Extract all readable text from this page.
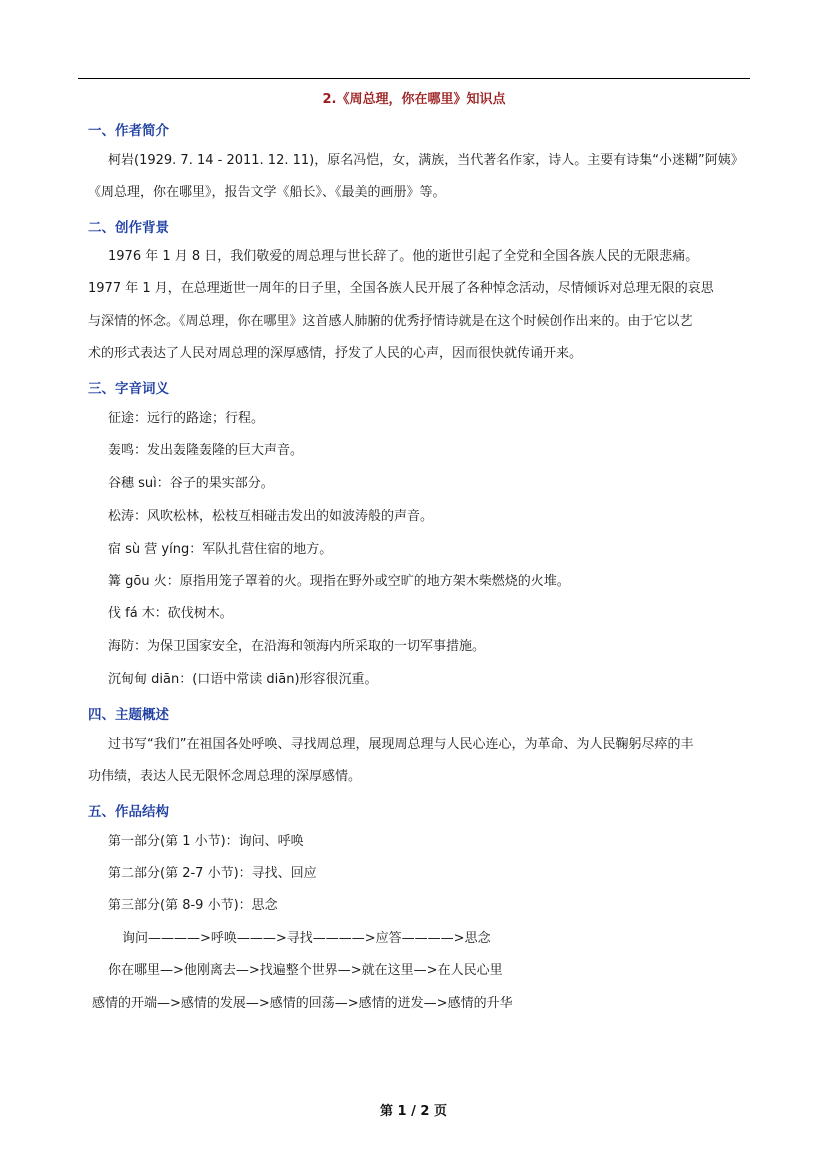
2.《周总理，你在哪里》知识点
一、作者简介
柯岩(1929. 7. 14 - 2011. 12. 11)，原名冯恺，女，满族，当代著名作家，诗人。主要有诗集“小迷糊”阿姨》
《周总理，你在哪里》，报告文学《船长》、《最美的画册》等。
二、创作背景
1976 年 1 月 8 日，我们敬爱的周总理与世长辞了。他的逝世引起了全党和全国各族人民的无限悲痛。
1977 年 1 月，在总理逝世一周年的日子里，全国各族人民开展了各种悼念活动，尽情倾诉对总理无限的哀思
与深情的怀念。《周总理，你在哪里》这首感人肺腑的优秀抒情诗就是在这个时候创作出来的。由于它以艺
术的形式表达了人民对周总理的深厚感情，抒发了人民的心声，因而很快就传诵开来。
三、字音词义
征途：远行的路途；行程。
轰鸣：发出轰隆轰隆的巨大声音。
谷穗 suì：谷子的果实部分。
松涛：风吹松林，松枝互相碰击发出的如波涛般的声音。
宿 sù 营 yíng：军队扎营住宿的地方。
篝 gōu 火：原指用笼子罩着的火。现指在野外或空旷的地方架木柴燃烧的火堆。
伐 fá 木：砍伐树木。
海防：为保卫国家安全，在沿海和领海内所采取的一切军事措施。
沉甸甸 diān：(口语中常读 diān)形容很沉重。
四、主题概述
过书写“我们”在祖国各处呼唤、寻找周总理，展现周总理与人民心连心，为革命、为人民鞠躬尽瘁的丰
功伟绩，表达人民无限怀念周总理的深厚感情。
五、作品结构
第一部分(第 1 小节)：询问、呼唤
第二部分(第 2-7 小节)：寻找、回应
第三部分(第 8-9 小节)：思念
询问————>呼唤———>寻找————>应答————>思念
你在哪里—>他刚离去—>找遍整个世界—>就在这里—>在人民心里
感情的开端—>感情的发展—>感情的回荡—>感情的迸发—>感情的升华
第 1 / 2 页
